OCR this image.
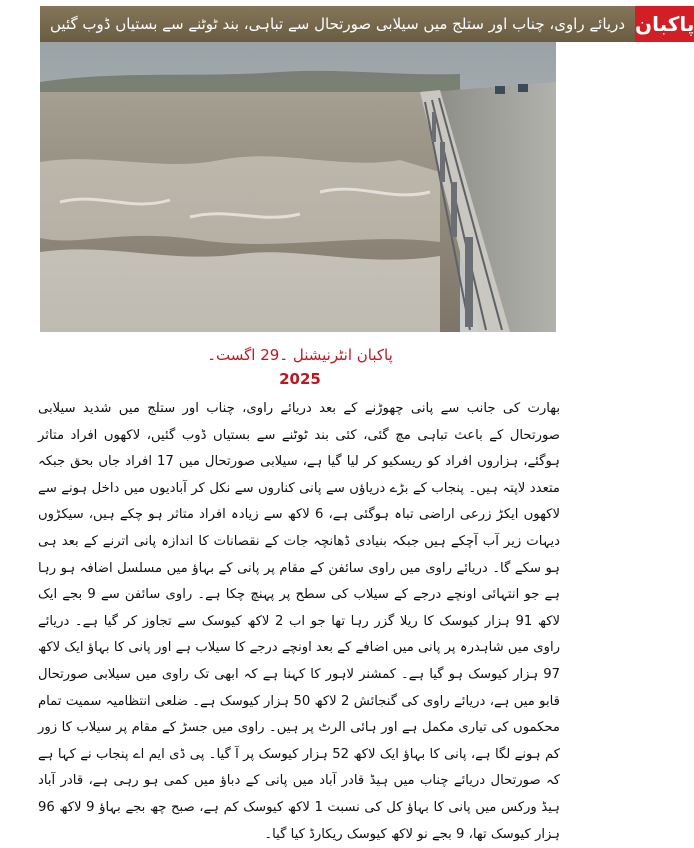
دریائے راوی، چناب اور ستلج میں سیلابی صورتحال سے تباہی، بند ٹوٹنے سے بستیاں ڈوب گئیں پاکبان
پاکبان انٹرنیشنل ۔29 اگست۔
2025

بھارت کی جانب سے پانی چھوڑنے کے بعد دریائے راوی، چناب اور ستلج میں شدید سیلابی صورتحال کے باعث تباہی مچ گئی، کئی بند ٹوٹنے سے بستیاں ڈوب گئیں، لاکھوں افراد متاثر ہوگئے، ہزاروں افراد کو ریسکیو کر لیا گیا ہے، سیلابی صورتحال میں 17 افراد جاں بحق جبکہ متعدد لاپتہ ہیں۔ پنجاب کے بڑے دریاؤں سے پانی کناروں سے نکل کر آبادیوں میں داخل ہونے سے لاکھوں ایکڑ زرعی اراضی تباہ ہوگئی ہے، 6 لاکھ سے زیادہ افراد متاثر ہو چکے ہیں، سیکڑوں دیہات زیر آب آچکے ہیں جبکہ بنیادی ڈھانچہ جات کے نقصانات کا اندازہ پانی اترنے کے بعد ہی ہو سکے گا۔ دریائے راوی میں راوی سائفن کے مقام پر پانی کے بہاؤ میں مسلسل اضافہ ہو رہا ہے جو انتہائی اونچے درجے کے سیلاب کی سطح پر پہنچ چکا ہے۔ راوی سائفن سے 9 بجے ایک لاکھ 91 ہزار کیوسک کا ریلا گزر رہا تھا جو اب 2 لاکھ کیوسک سے تجاوز کر گیا ہے۔ دریائے راوی میں شاہدرہ پر پانی میں اضافے کے بعد اونچے درجے کا سیلاب ہے اور پانی کا بہاؤ ایک لاکھ 97 ہزار کیوسک ہو گیا ہے۔ کمشنر لاہور کا کہنا ہے کہ ابھی تک راوی میں سیلابی صورتحال قابو میں ہے، دریائے راوی کی گنجائش 2 لاکھ 50 ہزار کیوسک ہے۔ ضلعی انتظامیہ سمیت تمام محکموں کی تیاری مکمل ہے اور ہائی الرٹ پر ہیں۔ راوی میں جسڑ کے مقام پر سیلاب کا زور کم ہونے لگا ہے، پانی کا بہاؤ ایک لاکھ 52 ہزار کیوسک پر آ گیا۔ پی ڈی ایم اے پنجاب نے کہا ہے کہ صورتحال دریائے چناب میں ہیڈ قادر آباد میں پانی کے دباؤ میں کمی ہو رہی ہے، قادر آباد ہیڈ ورکس میں پانی کا بہاؤ کل کی نسبت 1 لاکھ کیوسک کم ہے، صبح چھ بجے بہاؤ 9 لاکھ 96 ہزار کیوسک تھا، 9 بجے نو لاکھ کیوسک ریکارڈ کیا گیا۔
